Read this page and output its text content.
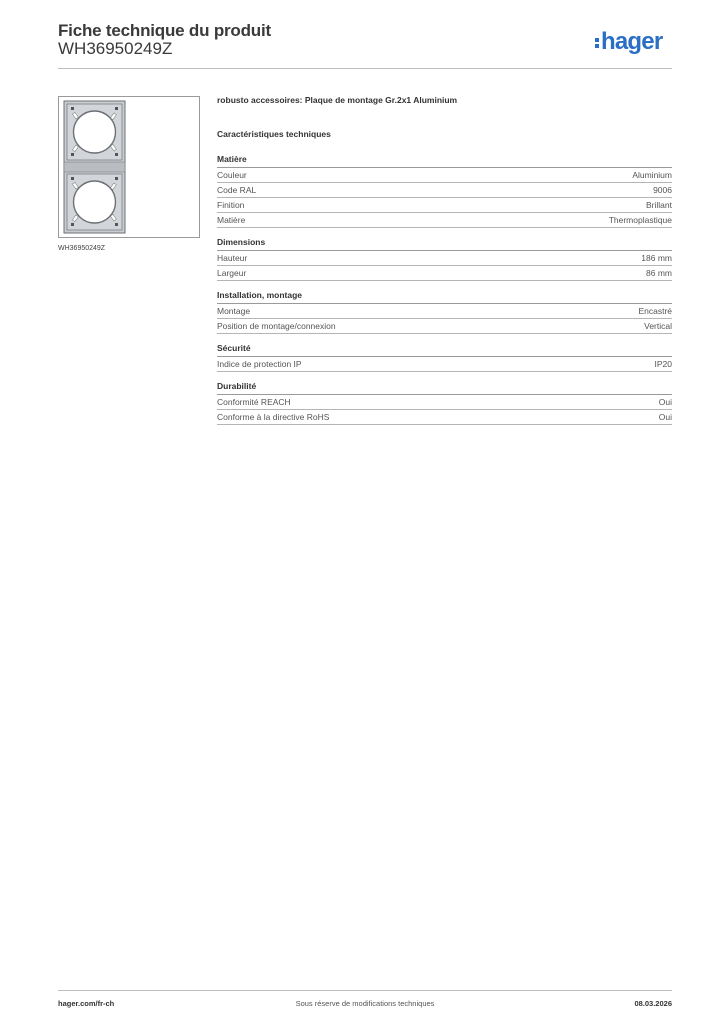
Fiche technique du produit
WH36950249Z	hager
WH36950249Z
robusto accessoires: Plaque de montage Gr.2x1 Aluminium
Caractéristiques techniques
Matière
Couleur	Aluminium
Code RAL	9006
Finition	Brillant
Matière	Thermoplastique
Dimensions
Hauteur	186 mm
Largeur	86 mm
Installation, montage
Montage	Encastré
Position de montage/connexion	Vertical
Sécurité
Indice de protection IP	IP20
Durabilité
Conformité REACH	Oui
Conforme à la directive RoHS	Oui
hager.com/fr-ch	Sous réserve de modifications techniques	08.03.2026
